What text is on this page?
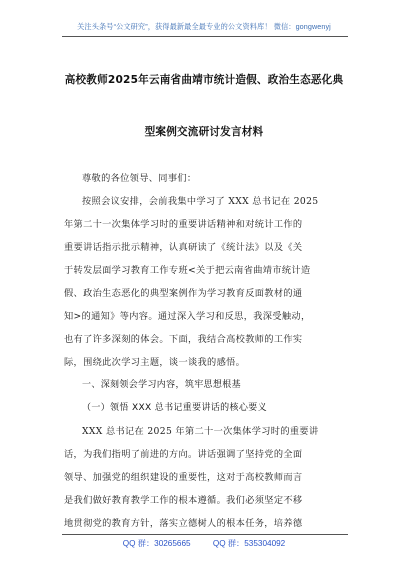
关注头条号“公文研究”，获得最新最全最专业的公文资料库！ 微信：gongwenyj
高校教师2025年云南省曲靖市统计造假、政治生态恶化典
型案例交流研讨发言材料
尊敬的各位领导、同事们：
按照会议安排，会前我集中学习了 XXX 总书记在 2025
年第二十一次集体学习时的重要讲话精神和对统计工作的
重要讲话指示批示精神，认真研读了《统计法》以及《关
于转发层面学习教育工作专班<关于把云南省曲靖市统计造
假、政治生态恶化的典型案例作为学习教育反面教材的通
知>的通知》等内容。通过深入学习和反思，我深受触动，
也有了许多深刻的体会。下面，我结合高校教师的工作实
际，围绕此次学习主题，谈一谈我的感悟。
一、深刻领会学习内容，筑牢思想根基
（一）领悟 XXX 总书记重要讲话的核心要义
XXX 总书记在 2025 年第二十一次集体学习时的重要讲
话，为我们指明了前进的方向。讲话强调了坚持党的全面
领导、加强党的组织建设的重要性，这对于高校教师而言
是我们做好教育教学工作的根本遵循。我们必须坚定不移
地贯彻党的教育方针，落实立德树人的根本任务，培养德
QQ 群：30265665	QQ 群：535304092
